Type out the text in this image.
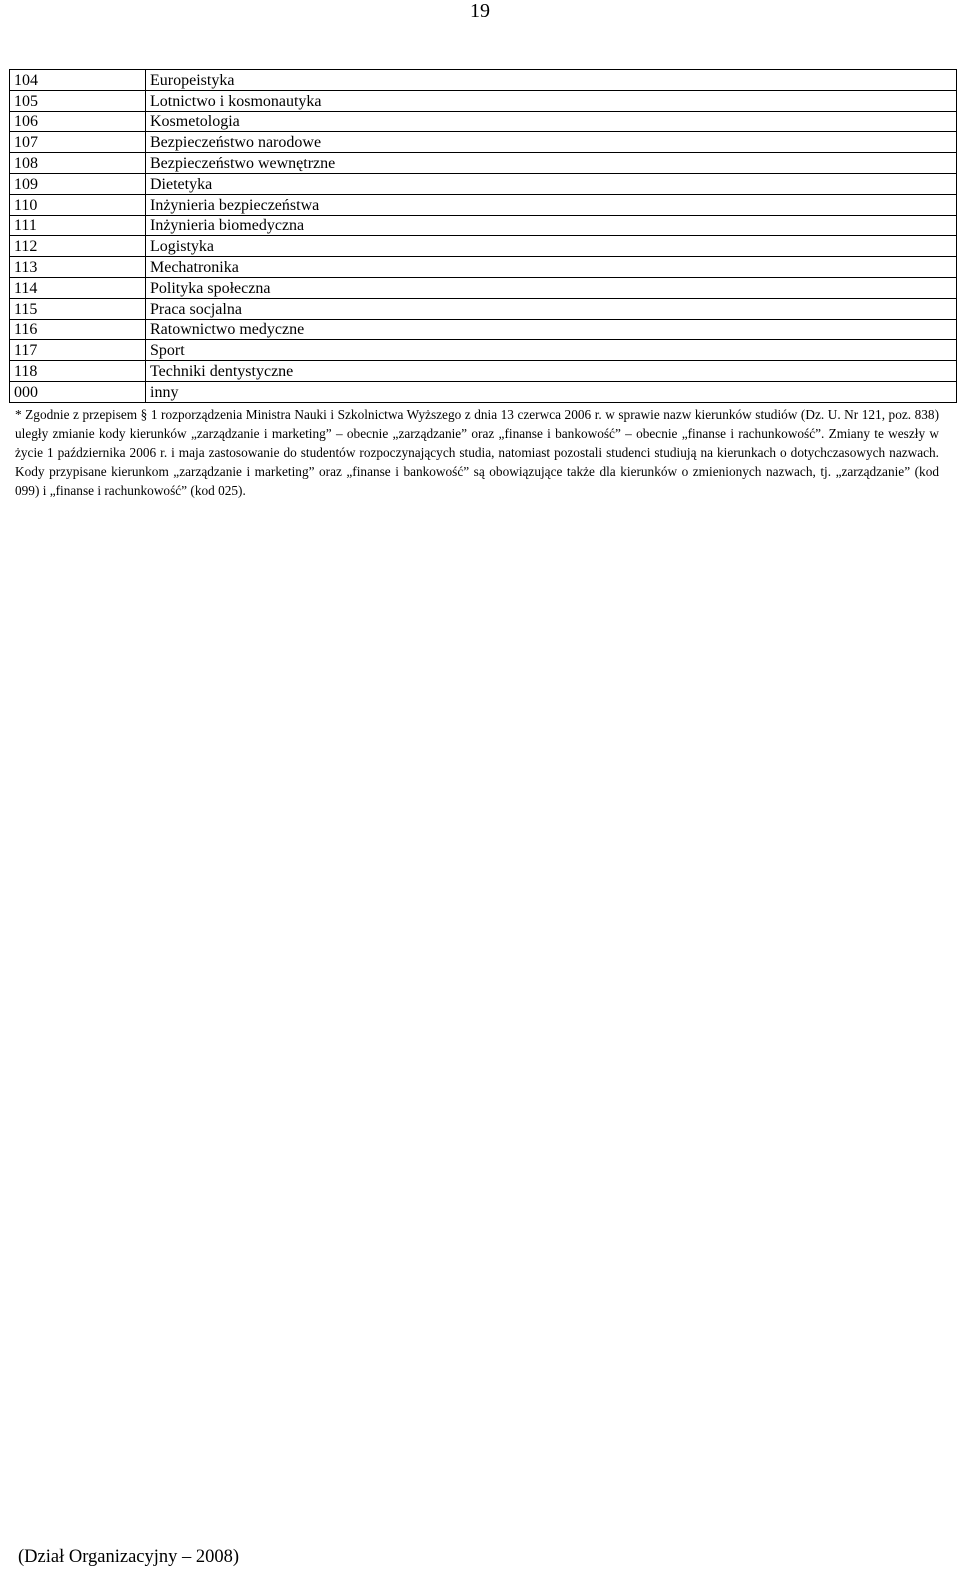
19
104	Europeistyka
105	Lotnictwo i kosmonautyka
106	Kosmetologia
107	Bezpieczeństwo narodowe
108	Bezpieczeństwo wewnętrzne
109	Dietetyka
110	Inżynieria bezpieczeństwa
111	Inżynieria biomedyczna
112	Logistyka
113	Mechatronika
114	Polityka społeczna
115	Praca socjalna
116	Ratownictwo medyczne
117	Sport
118	Techniki dentystyczne
000	inny

* Zgodnie z przepisem § 1 rozporządzenia Ministra Nauki i Szkolnictwa Wyższego z dnia 13 czerwca 2006 r. w sprawie nazw kierunków studiów (Dz. U. Nr 121, poz. 838) uległy zmianie kody kierunków „zarządzanie i marketing” – obecnie „zarządzanie” oraz „finanse i bankowość” – obecnie „finanse i rachunkowość”. Zmiany te weszły w życie 1 października 2006 r. i maja zastosowanie do studentów rozpoczynających studia, natomiast pozostali studenci studiują na kierunkach o dotychczasowych nazwach. Kody przypisane kierunkom „zarządzanie i marketing” oraz „finanse i bankowość” są obowiązujące także dla kierunków o zmienionych nazwach, tj. „zarządzanie” (kod 099) i „finanse i rachunkowość” (kod 025).

(Dział Organizacyjny – 2008)
